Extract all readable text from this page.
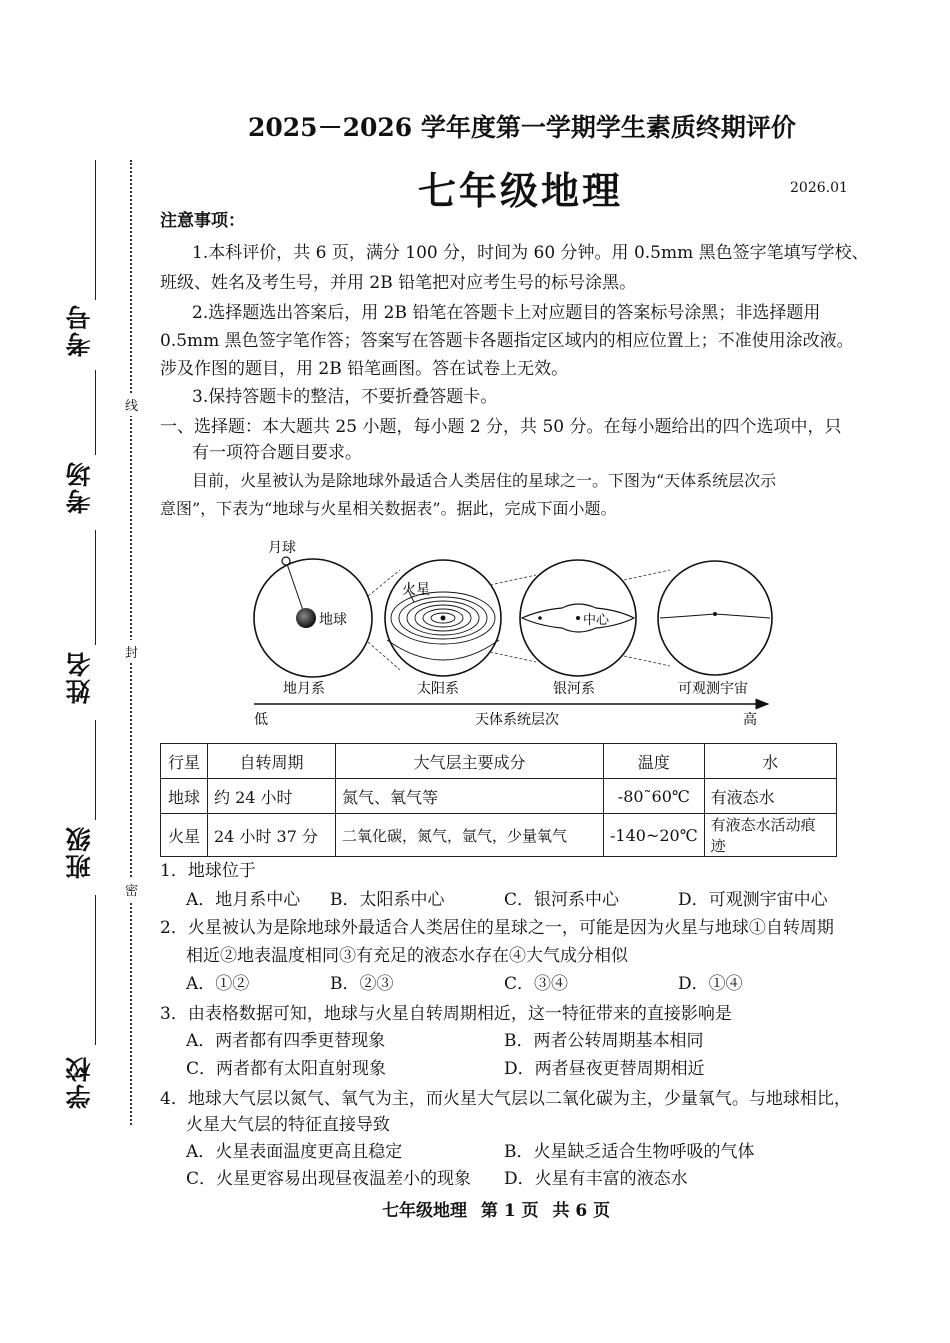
线
封
密
考号
考场
姓名
班级
学校
2025－2026 学年度第一学期学生素质终期评价
七年级地理	2026.01
注意事项：
1.本科评价，共 6 页，满分 100 分，时间为 60 分钟。用 0.5mm 黑色签字笔填写学校、
班级、姓名及考生号，并用 2B 铅笔把对应考生号的标号涂黑。
2.选择题选出答案后，用 2B 铅笔在答题卡上对应题目的答案标号涂黑；非选择题用
0.5mm 黑色签字笔作答；答案写在答题卡各题指定区域内的相应位置上；不准使用涂改液。
涉及作图的题目，用 2B 铅笔画图。答在试卷上无效。
3.保持答题卡的整洁，不要折叠答题卡。
一、选择题：本大题共 25 小题，每小题 2 分，共 50 分。在每小题给出的四个选项中，只
有一项符合题目要求。
目前，火星被认为是除地球外最适合人类居住的星球之一。下图为“天体系统层次示
意图”，下表为“地球与火星相关数据表”。据此，完成下面小题。
月球
地球
火星
中心
地月系	太阳系	银河系	可观测宇宙
低	天体系统层次	高
行星	自转周期	大气层主要成分	温度	水
地球	约 24 小时	氮气、氧气等	-80˜60℃	有液态水
火星	24 小时 37 分	二氧化碳，氮气，氩气，少量氧气	-140~20℃	有液态水活动痕迹
1．地球位于
A．地月系中心 B．太阳系中心	C．银河系中心	D．可观测宇宙中心
2．火星被认为是除地球外最适合人类居住的星球之一，可能是因为火星与地球①自转周期
相近②地表温度相同③有充足的液态水存在④大气成分相似
A．①②	B．②③	C．③④	D．①④
3．由表格数据可知，地球与火星自转周期相近，这一特征带来的直接影响是
A．两者都有四季更替现象	B．两者公转周期基本相同
C．两者都有太阳直射现象	D．两者昼夜更替周期相近
4．地球大气层以氮气、氧气为主，而火星大气层以二氧化碳为主，少量氧气。与地球相比，
火星大气层的特征直接导致
A．火星表面温度更高且稳定	B．火星缺乏适合生物呼吸的气体
C．火星更容易出现昼夜温差小的现象 D．火星有丰富的液态水
七年级地理 第 1 页 共 6 页
